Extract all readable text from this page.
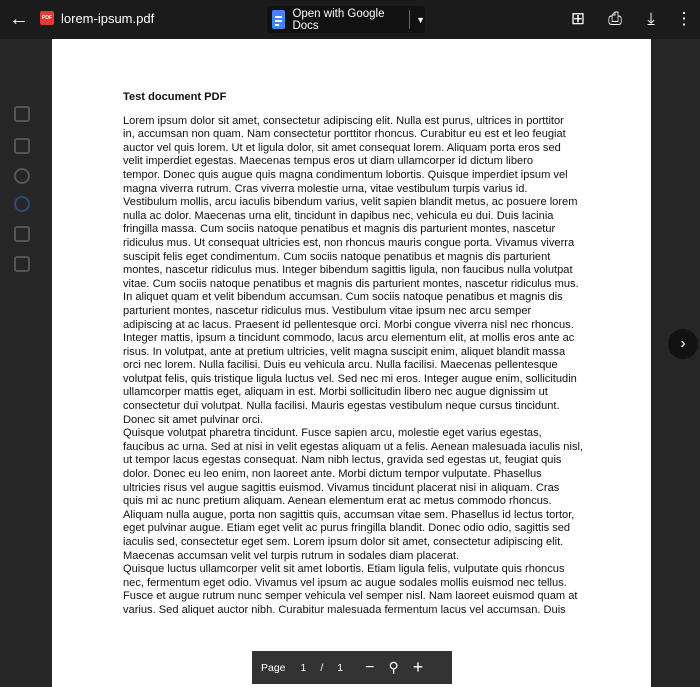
←	PDF lorem-ipsum.pdf	Open with Google Docs	▼	⊞ ⎙	⤓	⋮
Test document PDF
Lorem ipsum dolor sit amet, consectetur adipiscing elit. Nulla est purus, ultrices in porttitor
in, accumsan non quam. Nam consectetur porttitor rhoncus. Curabitur eu est et leo feugiat
auctor vel quis lorem. Ut et ligula dolor, sit amet consequat lorem. Aliquam porta eros sed
velit imperdiet egestas. Maecenas tempus eros ut diam ullamcorper id dictum libero
tempor. Donec quis augue quis magna condimentum lobortis. Quisque imperdiet ipsum vel
magna viverra rutrum. Cras viverra molestie urna, vitae vestibulum turpis varius id.
Vestibulum mollis, arcu iaculis bibendum varius, velit sapien blandit metus, ac posuere lorem
nulla ac dolor. Maecenas urna elit, tincidunt in dapibus nec, vehicula eu dui. Duis lacinia
fringilla massa. Cum sociis natoque penatibus et magnis dis parturient montes, nascetur
ridiculus mus. Ut consequat ultricies est, non rhoncus mauris congue porta. Vivamus viverra
suscipit felis eget condimentum. Cum sociis natoque penatibus et magnis dis parturient
montes, nascetur ridiculus mus. Integer bibendum sagittis ligula, non faucibus nulla volutpat
vitae. Cum sociis natoque penatibus et magnis dis parturient montes, nascetur ridiculus mus.
In aliquet quam et velit bibendum accumsan. Cum sociis natoque penatibus et magnis dis
parturient montes, nascetur ridiculus mus. Vestibulum vitae ipsum nec arcu semper
adipiscing at ac lacus. Praesent id pellentesque orci. Morbi congue viverra nisl nec rhoncus.
Integer mattis, ipsum a tincidunt commodo, lacus arcu elementum elit, at mollis eros ante ac
risus. In volutpat, ante at pretium ultricies, velit magna suscipit enim, aliquet blandit massa
orci nec lorem. Nulla facilisi. Duis eu vehicula arcu. Nulla facilisi. Maecenas pellentesque
volutpat felis, quis tristique ligula luctus vel. Sed nec mi eros. Integer augue enim, sollicitudin
ullamcorper mattis eget, aliquam in est. Morbi sollicitudin libero nec augue dignissim ut
consectetur dui volutpat. Nulla facilisi. Mauris egestas vestibulum neque cursus tincidunt.
Donec sit amet pulvinar orci.
Quisque volutpat pharetra tincidunt. Fusce sapien arcu, molestie eget varius egestas,
faucibus ac urna. Sed at nisi in velit egestas aliquam ut a felis. Aenean malesuada iaculis nisl,
ut tempor lacus egestas consequat. Nam nibh lectus, gravida sed egestas ut, feugiat quis
dolor. Donec eu leo enim, non laoreet ante. Morbi dictum tempor vulputate. Phasellus
ultricies risus vel augue sagittis euismod. Vivamus tincidunt placerat nisi in aliquam. Cras
quis mi ac nunc pretium aliquam. Aenean elementum erat ac metus commodo rhoncus.
Aliquam nulla augue, porta non sagittis quis, accumsan vitae sem. Phasellus id lectus tortor,
eget pulvinar augue. Etiam eget velit ac purus fringilla blandit. Donec odio odio, sagittis sed
iaculis sed, consectetur eget sem. Lorem ipsum dolor sit amet, consectetur adipiscing elit.
Maecenas accumsan velit vel turpis rutrum in sodales diam placerat.
Quisque luctus ullamcorper velit sit amet lobortis. Etiam ligula felis, vulputate quis rhoncus
nec, fermentum eget odio. Vivamus vel ipsum ac augue sodales mollis euismod nec tellus.
Fusce et augue rutrum nunc semper vehicula vel semper nisl. Nam laoreet euismod quam at
varius. Sed aliquet auctor nibh. Curabitur malesuada fermentum lacus vel accumsan. Duis
›
Page 1 / 1 − ⚲ +
